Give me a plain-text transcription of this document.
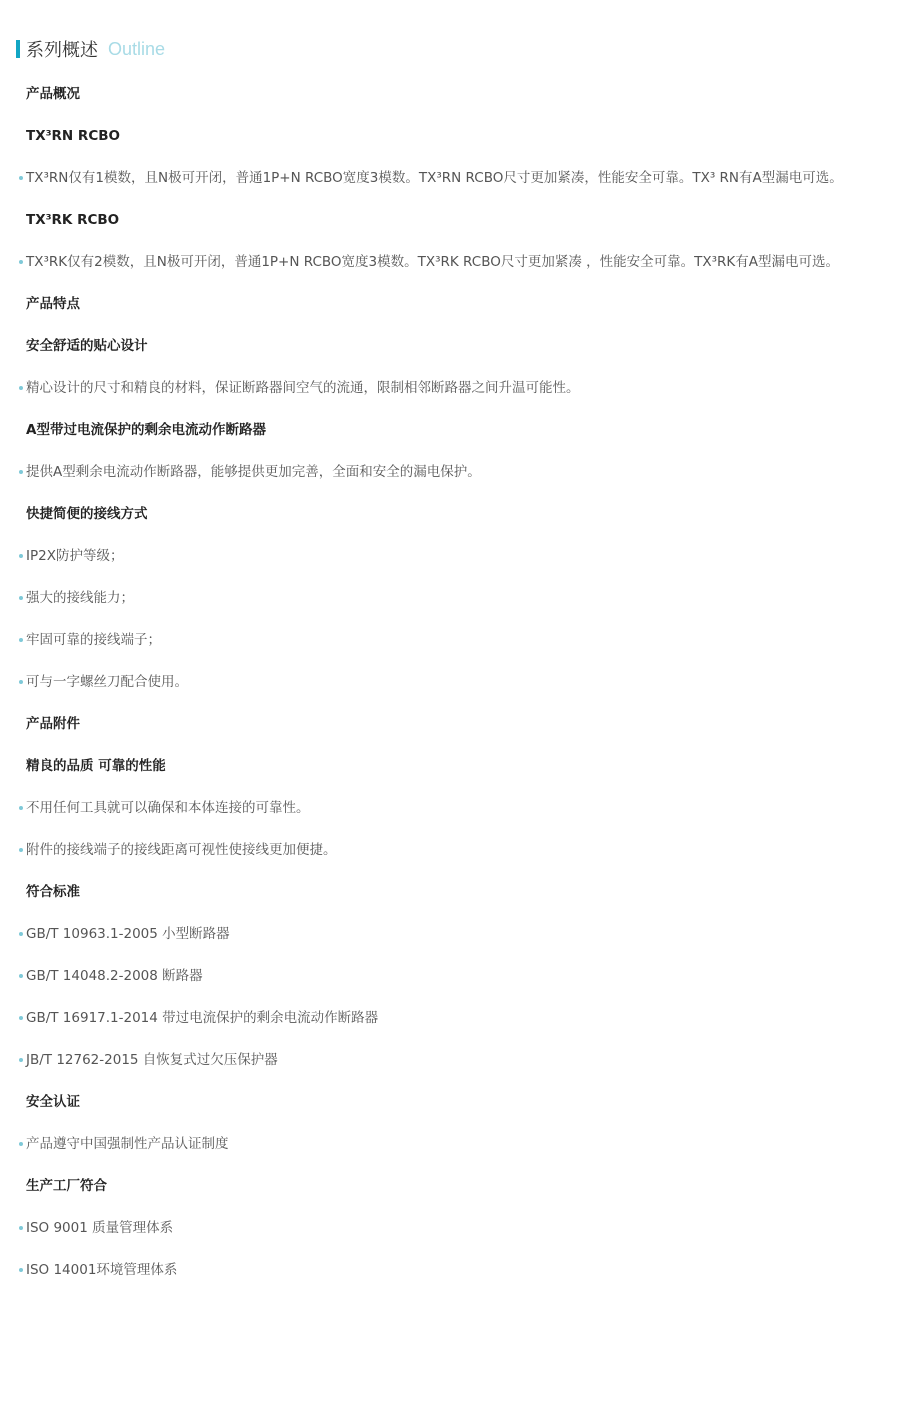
系列概述 Outline
产品概况
TX³RN RCBO
TX³RN仅有1模数，且N极可开闭，普通1P+N RCBO宽度3模数。TX³RN RCBO尺寸更加紧凑，性能安全可靠。TX³ RN有A型漏电可选。
TX³RK RCBO
TX³RK仅有2模数，且N极可开闭，普通1P+N RCBO宽度3模数。TX³RK RCBO尺寸更加紧凑 ，性能安全可靠。TX³RK有A型漏电可选。
产品特点
安全舒适的贴心设计
精心设计的尺寸和精良的材料，保证断路器间空气的流通，限制相邻断路器之间升温可能性。
A型带过电流保护的剩余电流动作断路器
提供A型剩余电流动作断路器，能够提供更加完善，全面和安全的漏电保护。
快捷简便的接线方式
IP2X防护等级；
强大的接线能力；
牢固可靠的接线端子；
可与一字螺丝刀配合使用。
产品附件
精良的品质 可靠的性能
不用任何工具就可以确保和本体连接的可靠性。
附件的接线端子的接线距离可视性使接线更加便捷。
符合标准
GB/T 10963.1-2005 小型断路器
GB/T 14048.2-2008 断路器
GB/T 16917.1-2014 带过电流保护的剩余电流动作断路器
JB/T 12762-2015 自恢复式过欠压保护器
安全认证
产品遵守中国强制性产品认证制度
生产工厂符合
ISO 9001 质量管理体系
ISO 14001环境管理体系
